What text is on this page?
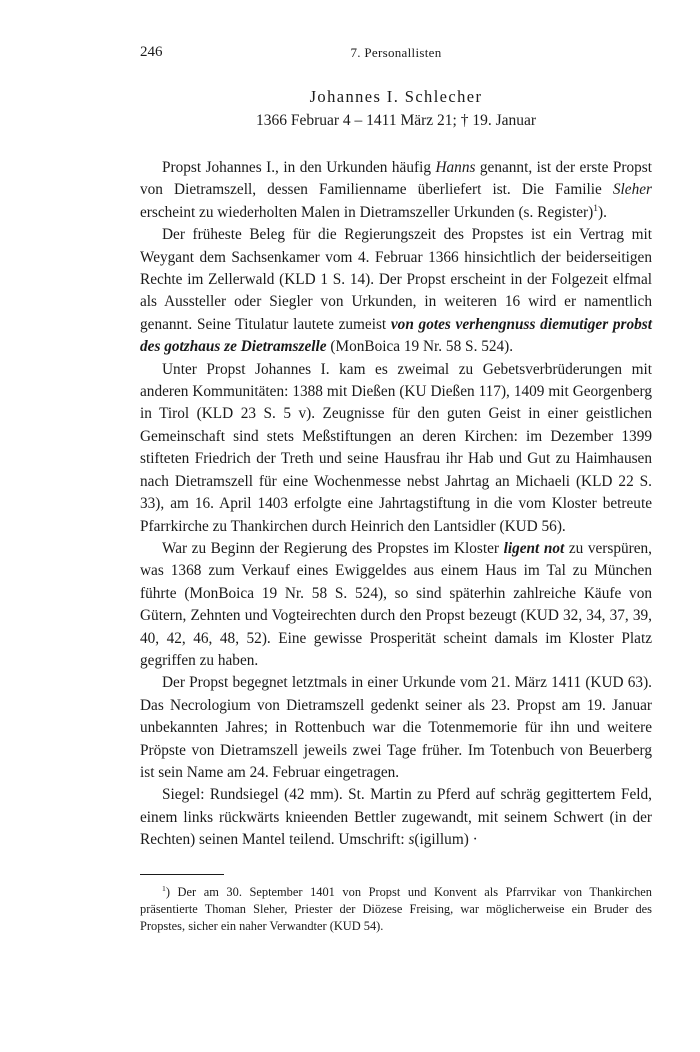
246	7. Personallisten
Johannes I. Schlecher
1366 Februar 4 – 1411 März 21; † 19. Januar

Propst Johannes I., in den Urkunden häufig Hanns genannt, ist der erste Propst von Dietramszell, dessen Familienname überliefert ist. Die Familie Sleher erscheint zu wiederholten Malen in Dietramszeller Urkunden (s. Register)$^1$).

Der früheste Beleg für die Regierungszeit des Propstes ist ein Vertrag mit Weygant dem Sachsenkamer vom 4. Februar 1366 hinsichtlich der beiderseitigen Rechte im Zellerwald (KLD 1 S. 14). Der Propst erscheint in der Folgezeit elfmal als Aussteller oder Siegler von Urkunden, in weiteren 16 wird er namentlich genannt. Seine Titulatur lautete zumeist von gotes verhengnuss diemutiger probst des gotzhaus ze Dietramszelle (MonBoica 19 Nr. 58 S. 524).

Unter Propst Johannes I. kam es zweimal zu Gebetsverbrüderungen mit anderen Kommunitäten: 1388 mit Dießen (KU Dießen 117), 1409 mit Georgenberg in Tirol (KLD 23 S. 5 v). Zeugnisse für den guten Geist in einer geistlichen Gemeinschaft sind stets Meßstiftungen an deren Kirchen: im Dezember 1399 stifteten Friedrich der Treth und seine Hausfrau ihr Hab und Gut zu Haimhausen nach Dietramszell für eine Wochenmesse nebst Jahrtag an Michaeli (KLD 22 S. 33), am 16. April 1403 erfolgte eine Jahrtagstiftung in die vom Kloster betreute Pfarrkirche zu Thankirchen durch Heinrich den Lantsidler (KUD 56).

War zu Beginn der Regierung des Propstes im Kloster ligent not zu verspüren, was 1368 zum Verkauf eines Ewiggeldes aus einem Haus im Tal zu München führte (MonBoica 19 Nr. 58 S. 524), so sind späterhin zahlreiche Käufe von Gütern, Zehnten und Vogteirechten durch den Propst bezeugt (KUD 32, 34, 37, 39, 40, 42, 46, 48, 52). Eine gewisse Prosperität scheint damals im Kloster Platz gegriffen zu haben.

Der Propst begegnet letztmals in einer Urkunde vom 21. März 1411 (KUD 63). Das Necrologium von Dietramszell gedenkt seiner als 23. Propst am 19. Januar unbekannten Jahres; in Rottenbuch war die Totenmemorie für ihn und weitere Pröpste von Dietramszell jeweils zwei Tage früher. Im Totenbuch von Beuerberg ist sein Name am 24. Februar eingetragen.

Siegel: Rundsiegel (42 mm). St. Martin zu Pferd auf schräg gegittertem Feld, einem links rückwärts knieenden Bettler zugewandt, mit seinem Schwert (in der Rechten) seinen Mantel teilend. Umschrift: s(igillum) ·

$^1$) Der am 30. September 1401 von Propst und Konvent als Pfarrvikar von Thankirchen präsentierte Thoman Sleher, Priester der Diözese Freising, war möglicherweise ein Bruder des Propstes, sicher ein naher Verwandter (KUD 54).
